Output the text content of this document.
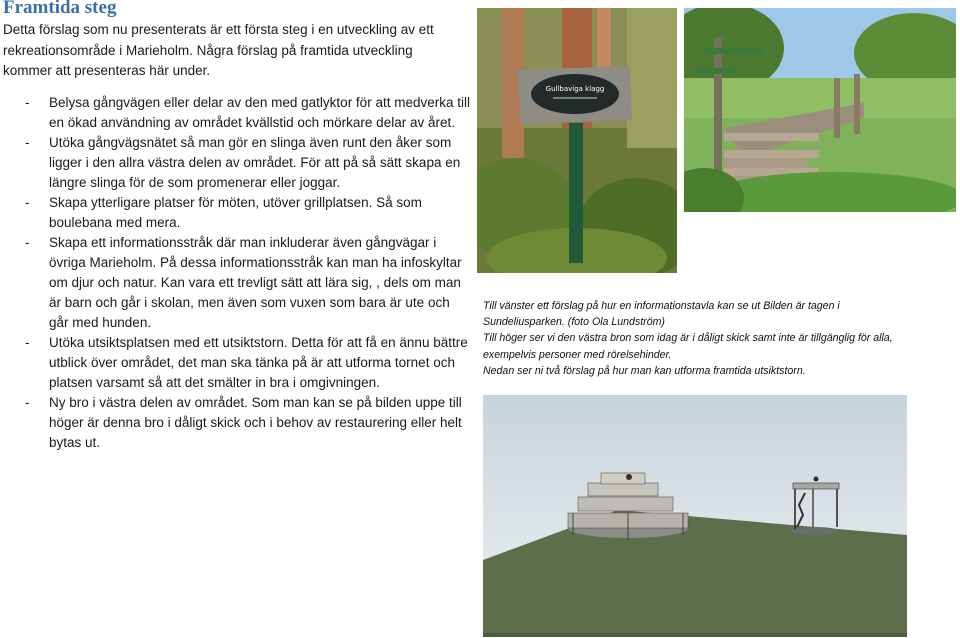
Framtida steg

Detta förslag som nu presenterats är ett första steg i en utveckling av ett rekreationsområde i Marieholm. Några förslag på framtida utveckling kommer att presenteras här under.

- Belysa gångvägen eller delar av den med gatlyktor för att medverka till en ökad användning av området kvällstid och mörkare delar av året.
- Utöka gångvägsnätet så man gör en slinga även runt den åker som ligger i den allra västra delen av området. För att på så sätt skapa en längre slinga för de som promenerar eller joggar.
- Skapa ytterligare platser för möten, utöver grillplatsen. Så som boulebana med mera.
- Skapa ett informationsstråk där man inkluderar även gångvägar i övriga Marieholm. På dessa informationsstråk kan man ha infoskyltar om djur och natur. Kan vara ett trevligt sätt att lära sig, , dels om man är barn och går i skolan, men även som vuxen som bara är ute och går med hunden.
- Utöka utsiktsplatsen med ett utsiktstorn. Detta för att få en ännu bättre utblick över området, det man ska tänka på är att utforma tornet och platsen varsamt så att det smälter in bra i omgivningen.
- Ny bro i västra delen av området. Som man kan se på bilden uppe till höger är denna bro i dåligt skick och i behov av restaurering eller helt bytas ut.
Gullbaviga klagg

Till vänster ett förslag på hur en informationstavla kan se ut Bilden är tagen i Sundeliusparken. (foto Ola Lundström)

Till höger ser vi den västra bron som idag är i dåligt skick samt inte är tillgänglig för alla, exempelvis personer med rörelsehinder.

Nedan ser ni två förslag på hur man kan utforma framtida utsiktstorn.
